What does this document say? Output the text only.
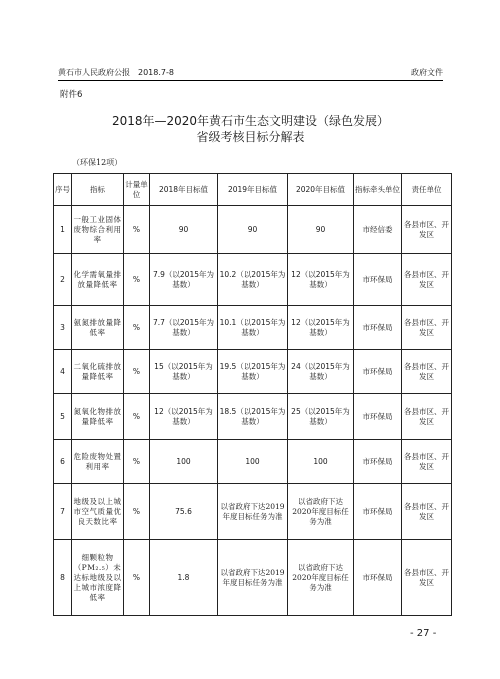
黄石市人民政府公报　2018.7-8	政府文件
附件6
2018年—2020年黄石市生态文明建设（绿色发展）
省级考核目标分解表
（环保12项）
序号	指标	计量单位	2018年目标值	2019年目标值	2020年目标值	指标牵头单位	责任单位
1	一般工业固体废物综合利用率	%	90	90	90	市经信委	各县市区、开发区
2	化学需氧量排放量降低率	%	7.9（以2015年为基数）	10.2（以2015年为基数）	12（以2015年为基数）	市环保局	各县市区、开发区
3	氨氮排放量降低率	%	7.7（以2015年为基数）	10.1（以2015年为基数）	12（以2015年为基数）	市环保局	各县市区、开发区
4	二氧化硫排放量降低率	%	15（以2015年为基数）	19.5（以2015年为基数）	24（以2015年为基数）	市环保局	各县市区、开发区
5	氮氧化物排放量降低率	%	12（以2015年为基数）	18.5（以2015年为基数）	25（以2015年为基数）	市环保局	各县市区、开发区
6	危险废物处置利用率	%	100	100	100	市环保局	各县市区、开发区
7	地级及以上城市空气质量优良天数比率	%	75.6	以省政府下达2019年度目标任务为准	以省政府下达2020年度目标任务为准	市环保局	各县市区、开发区
8	细颗粒物（PM₂.₅）未达标地级及以上城市浓度降低率	%	1.8	以省政府下达2019年度目标任务为准	以省政府下达2020年度目标任务为准	市环保局	各县市区、开发区
- 27 -
